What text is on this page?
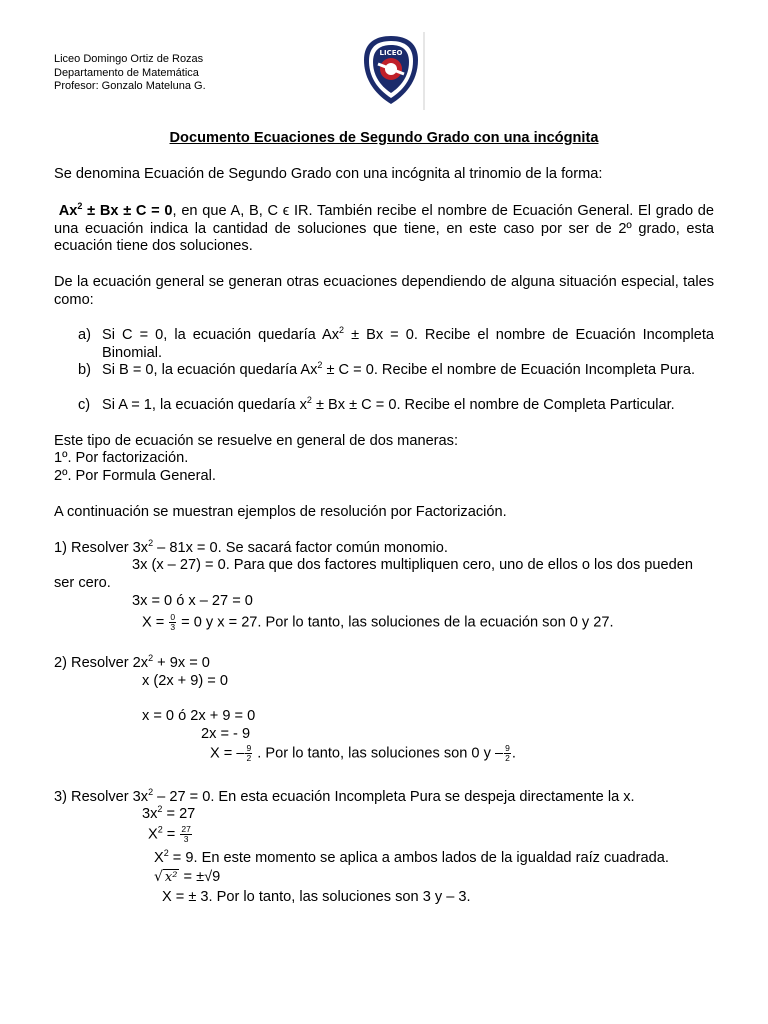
Liceo Domingo Ortiz de Rozas
Departamento de Matemática
Profesor: Gonzalo Mateluna G.
LICEO
Documento Ecuaciones de Segundo Grado con una incógnita
Se denomina Ecuación de Segundo Grado con una incógnita al trinomio de la forma:
$Ax^2 \pm Bx \pm C = 0$, en que A, B, C ϵ IR. También recibe el nombre de Ecuación General. El grado de una ecuación indica la cantidad de soluciones que tiene, en este caso por ser de 2º grado, esta ecuación tiene dos soluciones.
De la ecuación general se generan otras ecuaciones dependiendo de alguna situación especial, tales como:
a) Si C = 0, la ecuación quedaría $Ax^2 \pm Bx = 0$. Recibe el nombre de Ecuación Incompleta Binomial.
b) Si B = 0, la ecuación quedaría $Ax^2 \pm C = 0$. Recibe el nombre de Ecuación Incompleta Pura.
c) Si A = 1, la ecuación quedaría $x^2 \pm Bx \pm C = 0$. Recibe el nombre de Completa Particular.
Este tipo de ecuación se resuelve en general de dos maneras:
1º. Por factorización.
2º. Por Formula General.
A continuación se muestran ejemplos de resolución por Factorización.
1) Resolver $3x^2 - 81x = 0$. Se sacará factor común monomio.
3x (x – 27) = 0. Para que dos factores multipliquen cero, uno de ellos o los dos pueden
ser cero.
3x = 0 ó x – 27 = 0
$X = \frac{0}{3} = 0$ y x = 27. Por lo tanto, las soluciones de la ecuación son 0 y 27.
2) Resolver $2x^2 + 9x = 0$
x (2x + 9) = 0
x = 0 ó 2x + 9 = 0
2x = - 9
X = – $\frac{9}{2}$ . Por lo tanto, las soluciones son 0 y – $\frac{9}{2}$ .
3) Resolver $3x^2 - 27 = 0$. En esta ecuación Incompleta Pura se despeja directamente la x.
$3x^2 = 27$
$X^2 = \frac{27}{3}$
$X^2 = 9$. En este momento se aplica a ambos lados de la igualdad raíz cuadrada.
√ x² = ±√9
X = ± 3. Por lo tanto, las soluciones son 3 y – 3.
